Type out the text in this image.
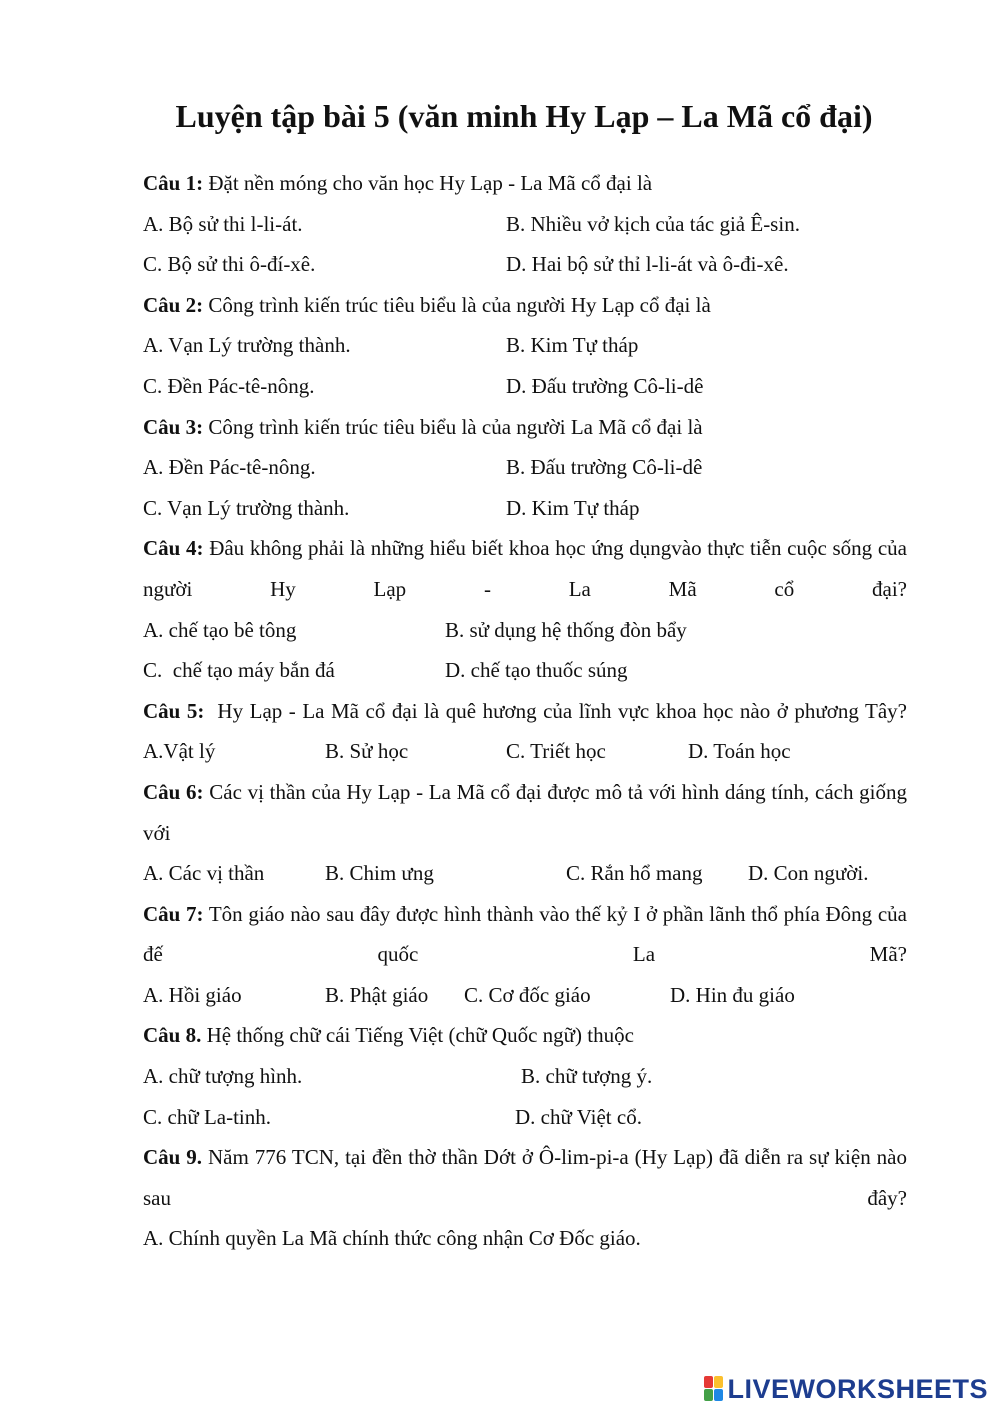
Luyện tập bài 5 (văn minh Hy Lạp – La Mã cổ đại)
Câu 1: Đặt nền móng cho văn học Hy Lạp - La Mã cổ đại là
A. Bộ sử thi l-li-át.	B. Nhiều vở kịch của tác giả Ê-sin.
C. Bộ sử thi ô-đí-xê.	D. Hai bộ sử thỉ l-li-át và ô-đi-xê.
Câu 2: Công trình kiến trúc tiêu biểu là của người Hy Lạp cổ đại là
A. Vạn Lý trường thành.	B. Kim Tự tháp
C. Đền Pác-tê-nông.	D. Đấu trường Cô-li-dê
Câu 3: Công trình kiến trúc tiêu biểu là của người La Mã cổ đại là
A. Đền Pác-tê-nông.	B. Đấu trường Cô-li-dê
C. Vạn Lý trường thành.	D. Kim Tự tháp
Câu 4: Đâu không phải là những hiểu biết khoa học ứng dụngvào thực tiễn cuộc sống của người Hy Lạp - La Mã cổ đại?
A. chế tạo bê tông	B. sử dụng hệ thống đòn bẩy
C.  chế tạo máy bắn đá	D. chế tạo thuốc súng
Câu 5:  Hy Lạp - La Mã cổ đại là quê hương của lĩnh vực khoa học nào ở phương Tây?
A.Vật lý	B. Sử học	C. Triết học	D. Toán học
Câu 6: Các vị thần của Hy Lạp - La Mã cổ đại được mô tả với hình dáng tính, cách giống với
A. Các vị thần	B. Chim ưng	C. Rắn hổ mang D. Con người.
Câu 7: Tôn giáo nào sau đây được hình thành vào thế kỷ I ở phần lãnh thổ phía Đông của đế quốc La Mã?
A. Hồi giáo	B. Phật giáo C. Cơ đốc giáo	D. Hin đu giáo
Câu 8. Hệ thống chữ cái Tiếng Việt (chữ Quốc ngữ) thuộc
A. chữ tượng hình.	B. chữ tượng ý.
C. chữ La-tinh.	D. chữ Việt cổ.
Câu 9. Năm 776 TCN, tại đền thờ thần Dớt ở Ô-lim-pi-a (Hy Lạp) đã diễn ra sự kiện nào sau đây?
A. Chính quyền La Mã chính thức công nhận Cơ Đốc giáo.
LIVEWORKSHEETS
